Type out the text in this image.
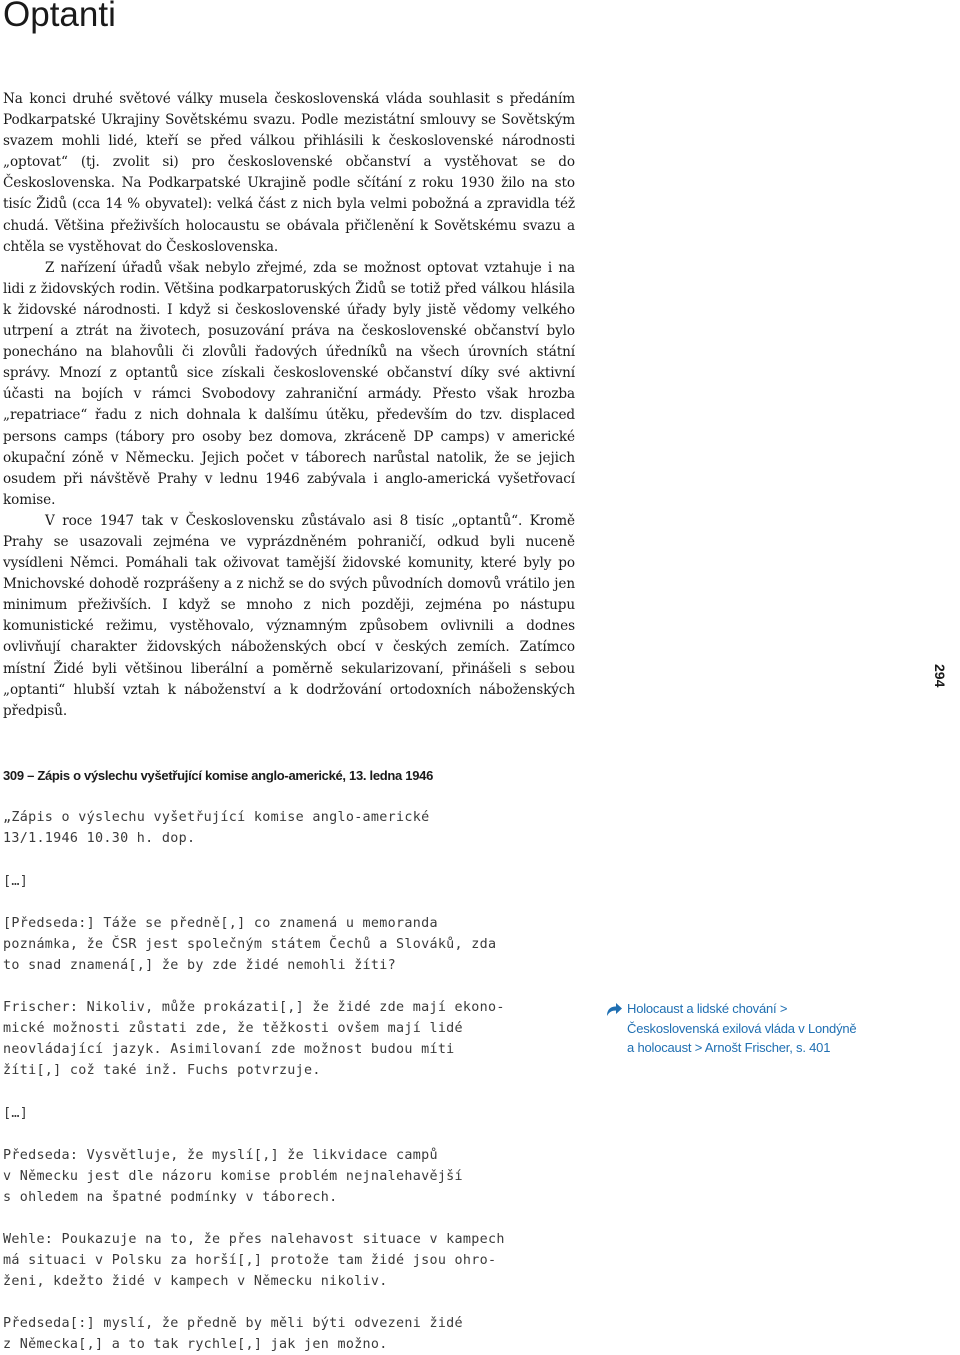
Optanti

Na konci druhé světové války musela československá vláda souhlasit s předáním Podkarpatské Ukrajiny Sovětskému svazu. Podle mezistátní smlouvy se Sovětským svazem mohli lidé, kteří se před válkou přihlásili k československé národnosti „optovat“ (tj. zvolit si) pro československé občanství a vystěhovat se do Československa. Na Podkarpatské Ukrajině podle sčítání z roku 1930 žilo na sto tisíc Židů (cca 14 % obyvatel): velká část z nich byla velmi pobožná a zpravidla též chudá. Většina přeživších holocaustu se obávala přičlenění k Sovětskému svazu a chtěla se vystěhovat do Československa.

Z nařízení úřadů však nebylo zřejmé, zda se možnost optovat vztahuje i na lidi z židovských rodin. Většina podkarpatoruských Židů se totiž před válkou hlásila k židovské národnosti. I když si československé úřady byly jistě vědomy velkého utrpení a ztrát na životech, posuzování práva na československé občanství bylo ponecháno na blahovůli či zlovůli řadových úředníků na všech úrovních státní správy. Mnozí z optantů sice získali československé občanství díky své aktivní účasti na bojích v rámci Svobodovy zahraniční armády. Přesto však hrozba „repatriace“ řadu z nich dohnala k dalšímu útěku, především do tzv. displaced persons camps (tábory pro osoby bez domova, zkráceně DP camps) v americké okupační zóně v Německu. Jejich počet v táborech narůstal natolik, že se jejich osudem při návštěvě Prahy v lednu 1946 zabývala i anglo-americká vyšetřovací komise.

V roce 1947 tak v Československu zůstávalo asi 8 tisíc „optantů“. Kromě Prahy se usazovali zejména ve vyprázdněném pohraničí, odkud byli nuceně vysídleni Němci. Pomáhali tak oživovat tamější židovské komunity, které byly po Mnichovské dohodě rozprášeny a z nichž se do svých původních domovů vrátilo jen minimum přeživších. I když se mnoho z nich později, zejména po nástupu komunistické režimu, vystěhovalo, významným způsobem ovlivnili a dodnes ovlivňují charakter židovských náboženských obcí v českých zemích. Zatímco místní Židé byli většinou liberální a poměrně sekularizovaní, přinášeli s sebou „optanti“ hlubší vztah k náboženství a k dodržování ortodoxních náboženských předpisů.

294
309 – Zápis o výslechu vyšetřující komise anglo-americké, 13. ledna 1946
„Zápis o výslechu vyšetřující komise anglo-americké
13/1.1946 10.30 h. dop.
[…]
[Předseda:] Táže se předně[,] co znamená u memoranda
poznámka, že ČSR jest společným státem Čechů a Slováků, zda
to snad znamená[,] že by zde židé nemohli žíti?
Frischer: Nikoliv, může prokázati[,] že židé zde mají ekono-
mické možnosti zůstati zde, že těžkosti ovšem mají lidé
neovládající jazyk. Asimilovaní zde možnost budou míti
žíti[,] což také inž. Fuchs potvrzuje.
[…]
Předseda: Vysvětluje, že myslí[,] že likvidace campů
v Německu jest dle názoru komise problém nejnalehavější
s ohledem na špatné podmínky v táborech.
Wehle: Poukazuje na to, že přes nalehavost situace v kampech
má situaci v Polsku za horší[,] protože tam židé jsou ohro-
ženi, kdežto židé v kampech v Německu nikoliv.
Předseda[:] myslí, že předně by měli býti odvezeni židé
z Německa[,] a to tak rychle[,] jak jen možno.
Holocaust a lidské chování >
Československá exilová vláda v Londýně
a holocaust > Arnošt Frischer, s. 401
